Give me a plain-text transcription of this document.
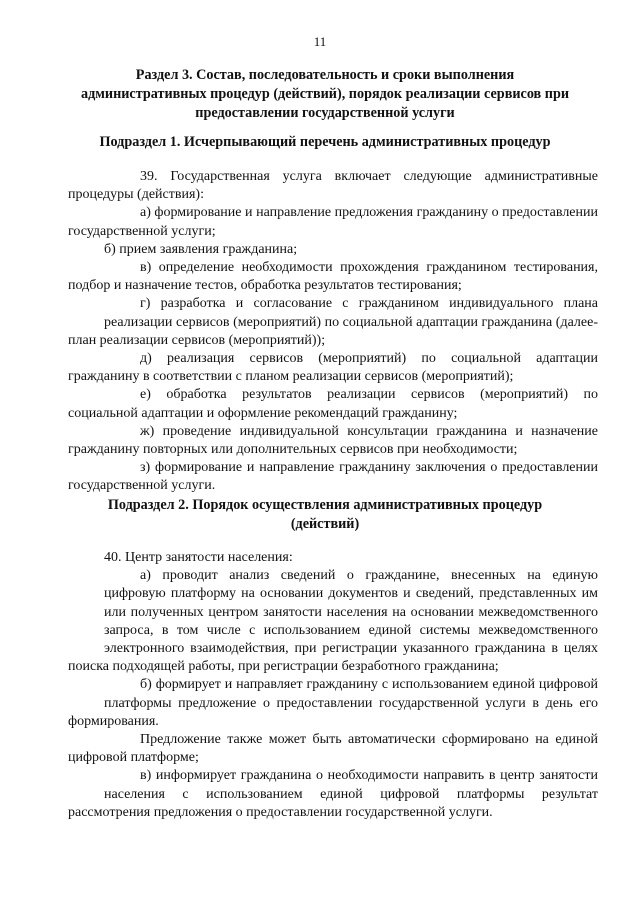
11
Раздел 3. Состав, последовательность и сроки выполнения
административных процедур (действий), порядок реализации сервисов при
предоставлении государственной услуги
Подраздел 1. Исчерпывающий перечень административных процедур
39. Государственная услуга включает следующие административные
процедуры (действия):
а) формирование и направление предложения гражданину о предоставлении
государственной услуги;
б) прием заявления гражданина;
в) определение необходимости прохождения гражданином тестирования,
подбор и назначение тестов, обработка результатов тестирования;
г) разработка и согласование с гражданином индивидуального плана
реализации сервисов (мероприятий) по социальной адаптации гражданина (далее-
план реализации сервисов (мероприятий));
д) реализация сервисов (мероприятий) по социальной адаптации
гражданину в соответствии с планом реализации сервисов (мероприятий);
е) обработка результатов реализации сервисов (мероприятий) по
социальной адаптации и оформление рекомендаций гражданину;
ж) проведение индивидуальной консультации гражданина и назначение
гражданину повторных или дополнительных сервисов при необходимости;
з) формирование и направление гражданину заключения о предоставлении
государственной услуги.
Подраздел 2. Порядок осуществления административных процедур
(действий)
40. Центр занятости населения:
а) проводит анализ сведений о гражданине, внесенных на единую
цифровую платформу на основании документов и сведений, представленных им
или полученных центром занятости населения на основании межведомственного
запроса, в том числе с использованием единой системы межведомственного
электронного взаимодействия, при регистрации указанного гражданина в целях
поиска подходящей работы, при регистрации безработного гражданина;
б) формирует и направляет гражданину с использованием единой цифровой
платформы предложение о предоставлении государственной услуги в день его
формирования.
Предложение также может быть автоматически сформировано на единой
цифровой платформе;
в) информирует гражданина о необходимости направить в центр занятости
населения с использованием единой цифровой платформы результат
рассмотрения предложения о предоставлении государственной услуги.
